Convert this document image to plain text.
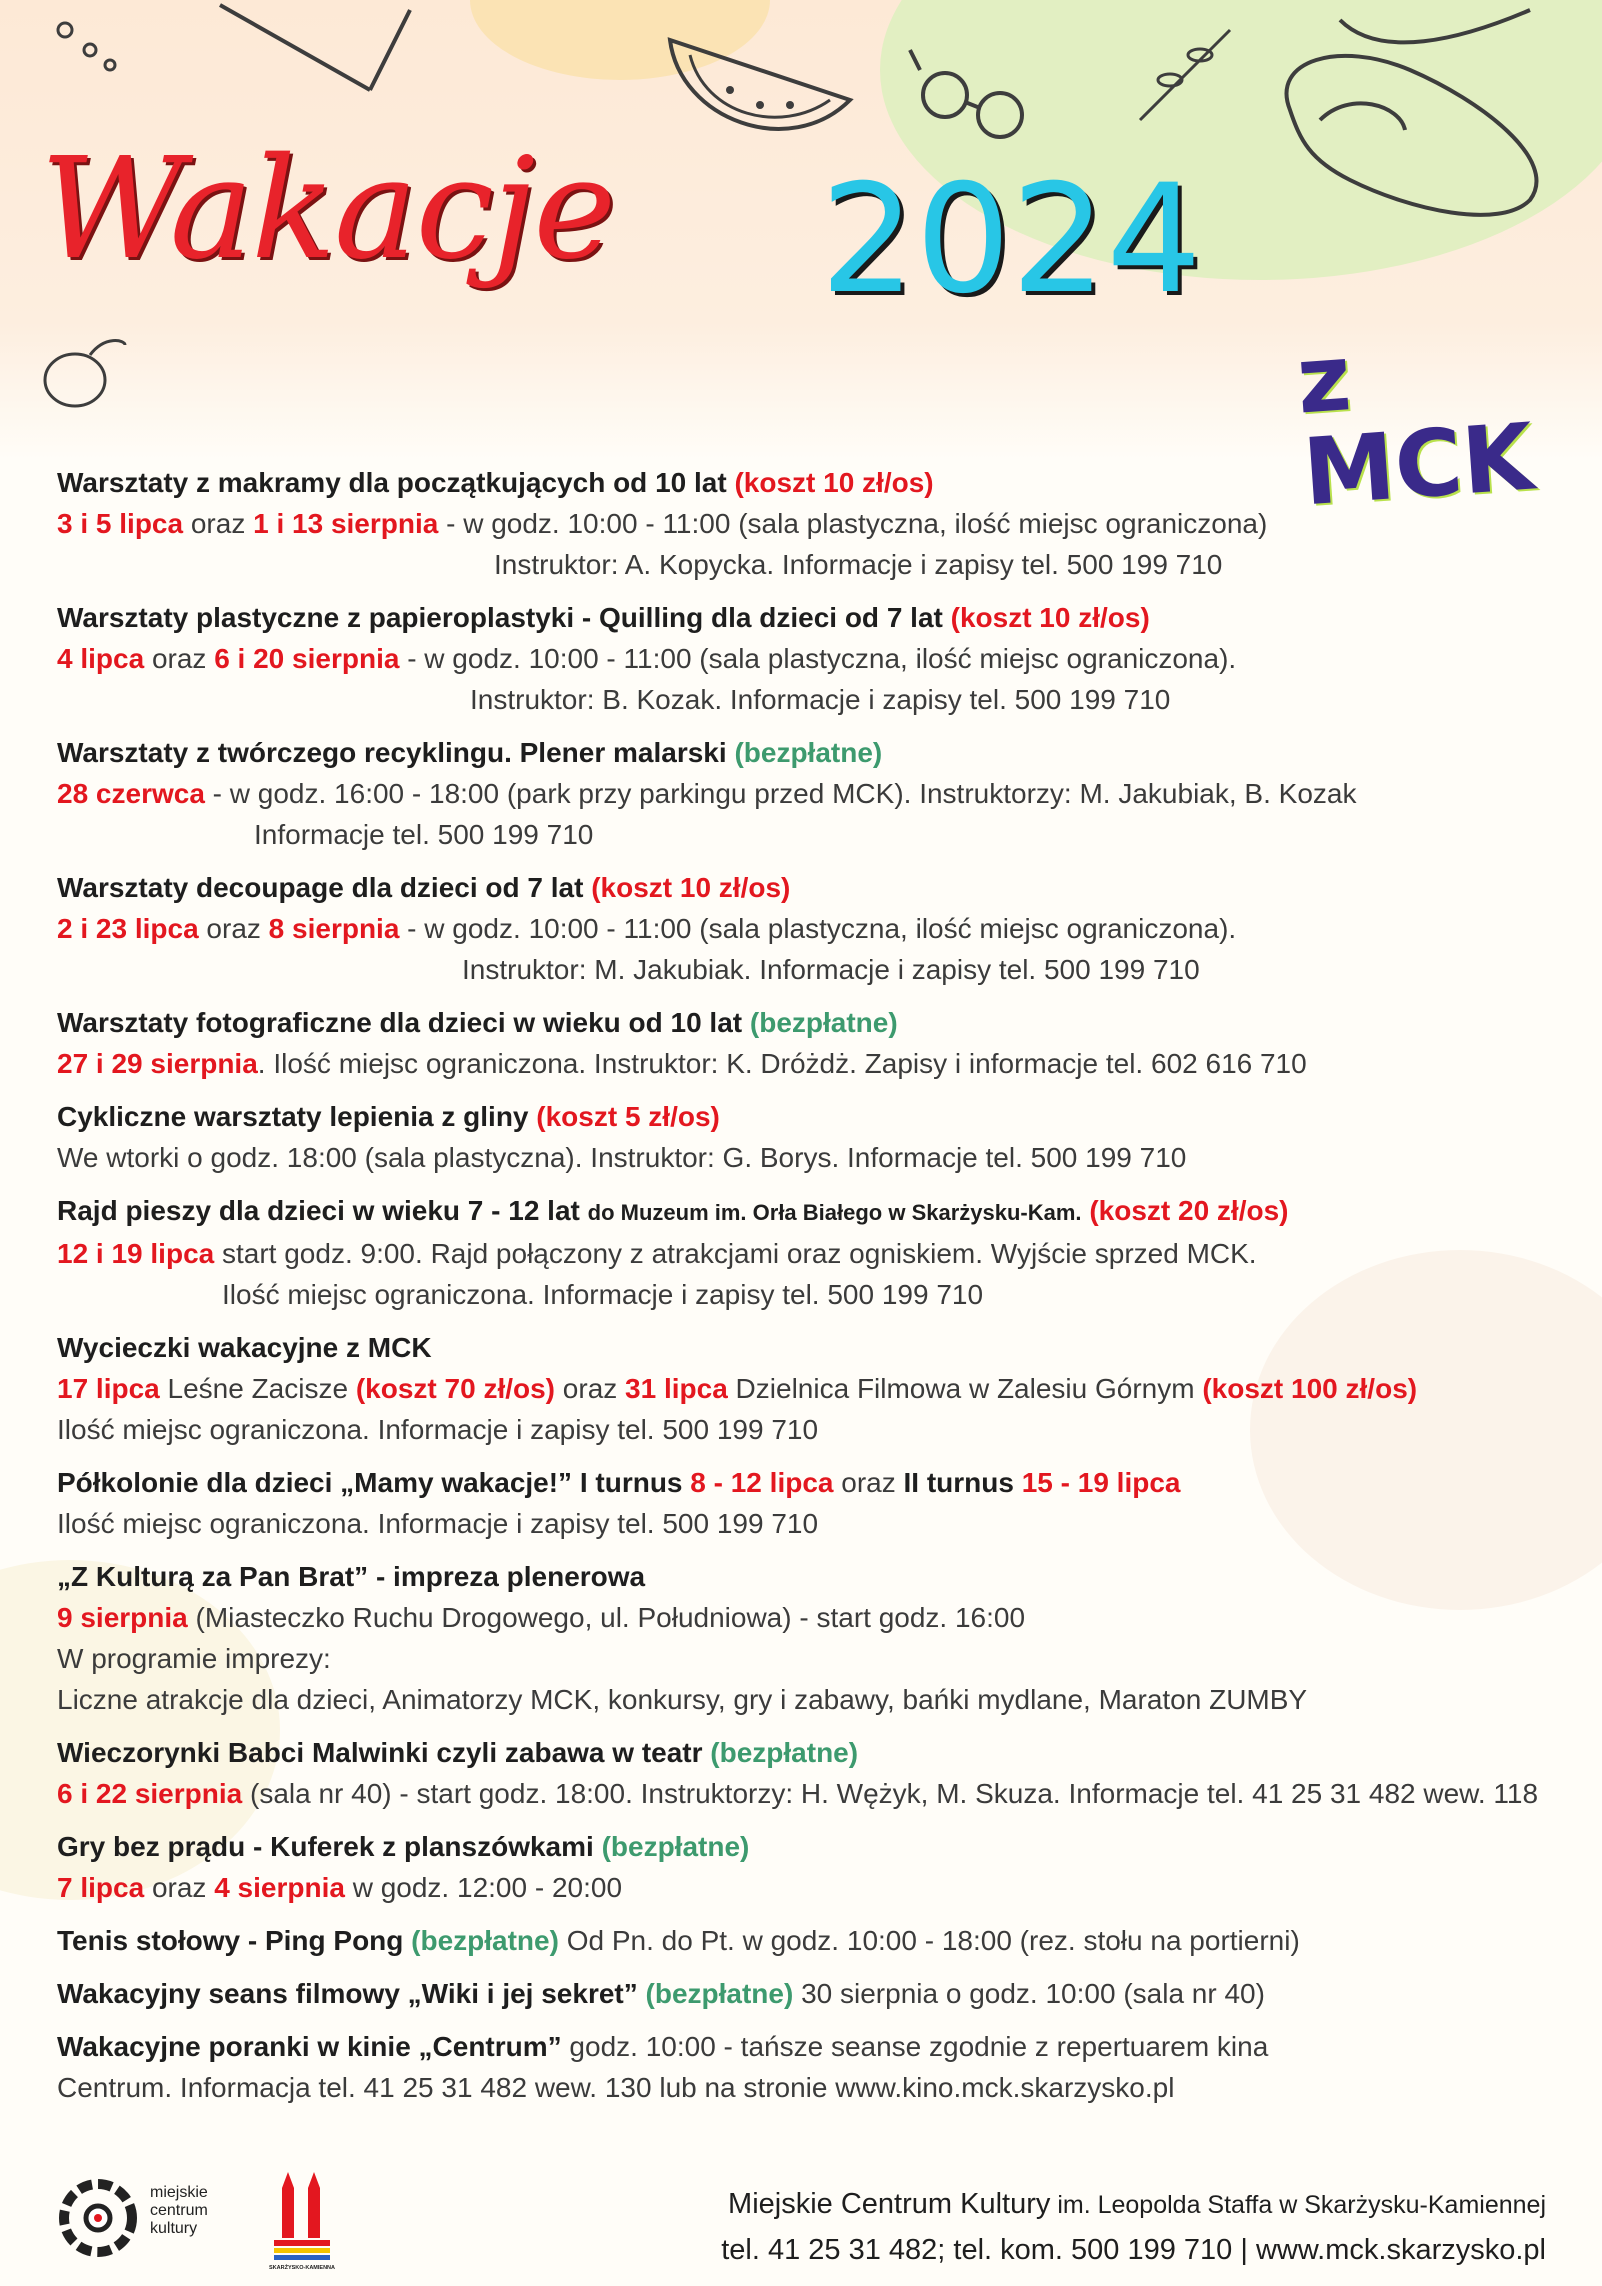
Wakacje 2024
z MCK
Warsztaty z makramy dla początkujących od 10 lat (koszt 10 zł/os)
3 i 5 lipca oraz 1 i 13 sierpnia - w godz. 10:00 - 11:00 (sala plastyczna, ilość miejsc ograniczona)
Instruktor: A. Kopycka. Informacje i zapisy tel. 500 199 710
Warsztaty plastyczne z papieroplastyki - Quilling dla dzieci od 7 lat (koszt 10 zł/os)
4 lipca oraz 6 i 20 sierpnia - w godz. 10:00 - 11:00 (sala plastyczna, ilość miejsc ograniczona).
Instruktor: B. Kozak. Informacje i zapisy tel. 500 199 710
Warsztaty z twórczego recyklingu. Plener malarski (bezpłatne)
28 czerwca - w godz. 16:00 - 18:00 (park przy parkingu przed MCK). Instruktorzy: M. Jakubiak, B. Kozak
Informacje tel. 500 199 710
Warsztaty decoupage dla dzieci od 7 lat (koszt 10 zł/os)
2 i 23 lipca oraz 8 sierpnia - w godz. 10:00 - 11:00 (sala plastyczna, ilość miejsc ograniczona).
Instruktor: M. Jakubiak. Informacje i zapisy tel. 500 199 710
Warsztaty fotograficzne dla dzieci w wieku od 10 lat (bezpłatne)
27 i 29 sierpnia. Ilość miejsc ograniczona. Instruktor: K. Dróżdż. Zapisy i informacje tel. 602 616 710
Cykliczne warsztaty lepienia z gliny (koszt 5 zł/os)
We wtorki o godz. 18:00 (sala plastyczna). Instruktor: G. Borys. Informacje tel. 500 199 710
Rajd pieszy dla dzieci w wieku 7 - 12 lat do Muzeum im. Orła Białego w Skarżysku-Kam. (koszt 20 zł/os)
12 i 19 lipca start godz. 9:00. Rajd połączony z atrakcjami oraz ogniskiem. Wyjście sprzed MCK.
Ilość miejsc ograniczona. Informacje i zapisy tel. 500 199 710
Wycieczki wakacyjne z MCK
17 lipca Leśne Zacisze (koszt 70 zł/os) oraz 31 lipca Dzielnica Filmowa w Zalesiu Górnym (koszt 100 zł/os)
Ilość miejsc ograniczona. Informacje i zapisy tel. 500 199 710
Półkolonie dla dzieci „Mamy wakacje!” I turnus 8 - 12 lipca oraz II turnus 15 - 19 lipca
Ilość miejsc ograniczona. Informacje i zapisy tel. 500 199 710
„Z Kulturą za Pan Brat” - impreza plenerowa
9 sierpnia (Miasteczko Ruchu Drogowego, ul. Południowa) - start godz. 16:00
W programie imprezy:
Liczne atrakcje dla dzieci, Animatorzy MCK, konkursy, gry i zabawy, bańki mydlane, Maraton ZUMBY
Wieczorynki Babci Malwinki czyli zabawa w teatr (bezpłatne)
6 i 22 sierpnia (sala nr 40) - start godz. 18:00. Instruktorzy: H. Wężyk, M. Skuza. Informacje tel. 41 25 31 482 wew. 118
Gry bez prądu - Kuferek z planszówkami (bezpłatne)
7 lipca oraz 4 sierpnia w godz. 12:00 - 20:00
Tenis stołowy - Ping Pong (bezpłatne) Od Pn. do Pt. w godz. 10:00 - 18:00 (rez. stołu na portierni)
Wakacyjny seans filmowy „Wiki i jej sekret” (bezpłatne) 30 sierpnia o godz. 10:00 (sala nr 40)
Wakacyjne poranki w kinie „Centrum” godz. 10:00 - tańsze seanse zgodnie z repertuarem kina
Centrum. Informacja tel. 41 25 31 482 wew. 130 lub na stronie www.kino.mck.skarzysko.pl
miejskie
centrum
kultury
SKARŻYSKO-KAMIENNA
Miejskie Centrum Kultury im. Leopolda Staffa w Skarżysku-Kamiennej
tel. 41 25 31 482; tel. kom. 500 199 710 | www.mck.skarzysko.pl
